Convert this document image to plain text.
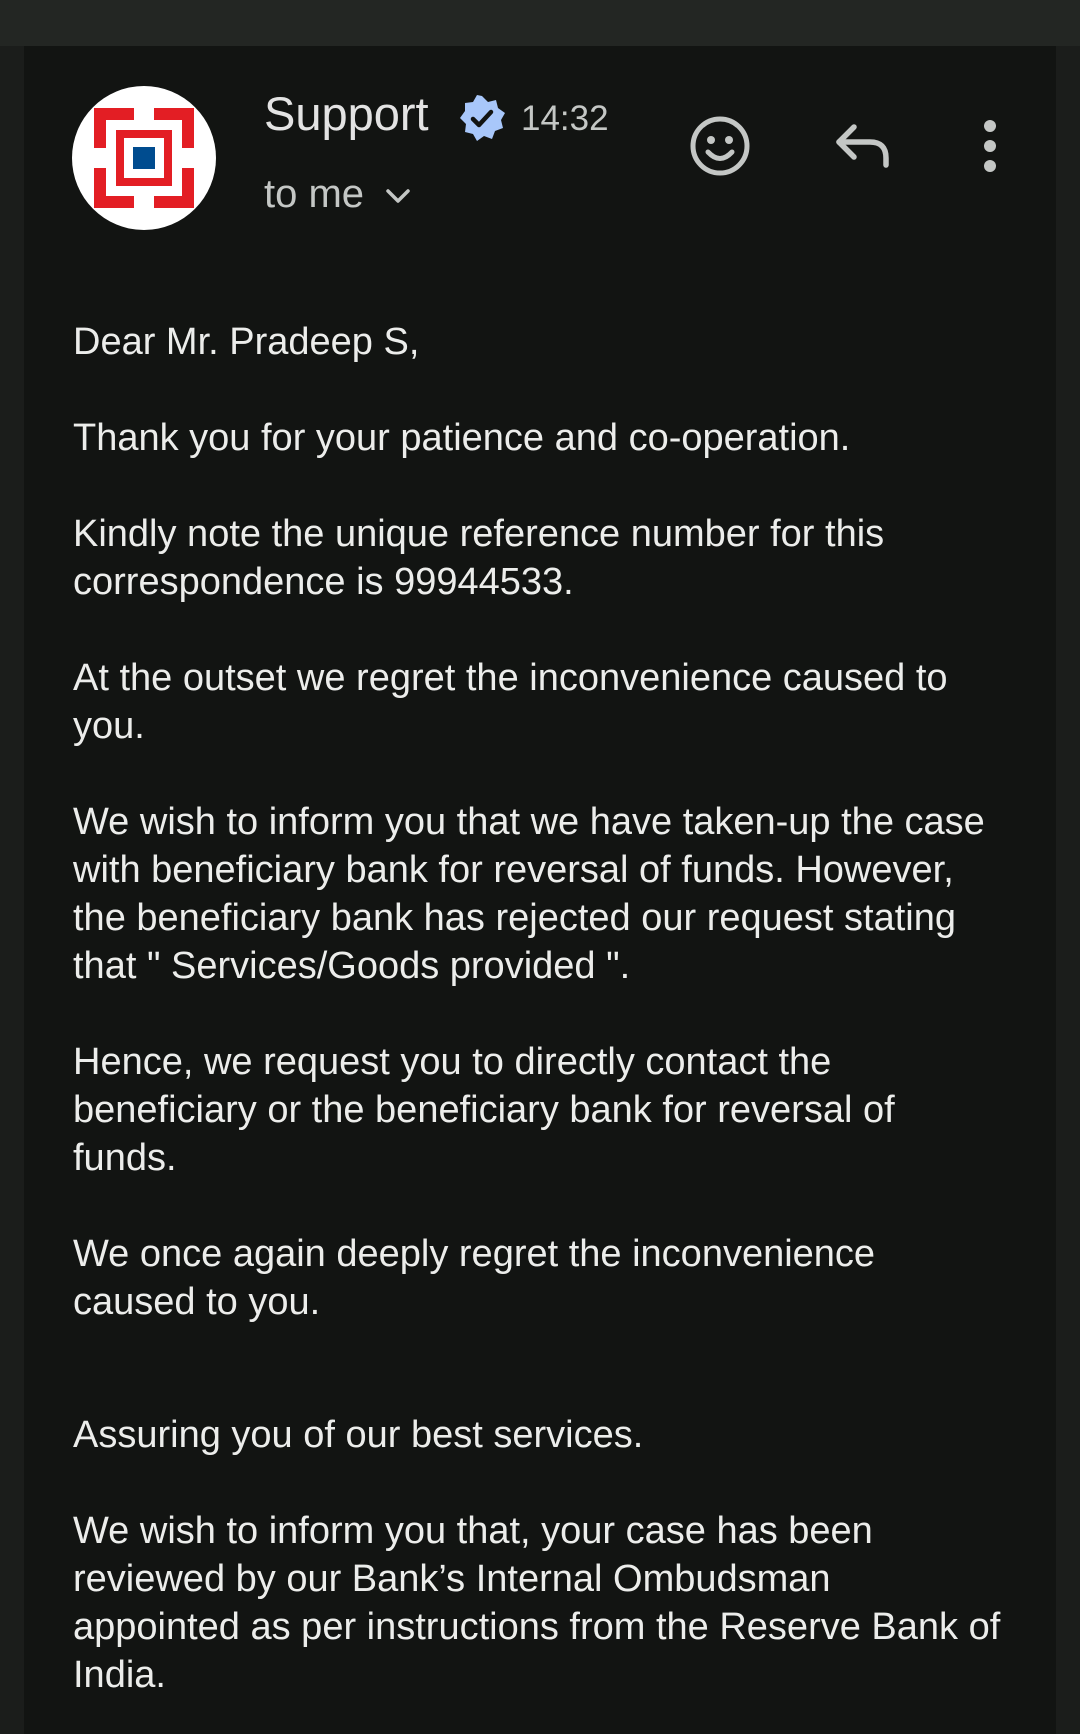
Support	14:32
to me

Dear Mr. Pradeep S,

Thank you for your patience and co-operation.

Kindly note the unique reference number for this correspondence is 99944533.

At the outset we regret the inconvenience caused to you.

We wish to inform you that we have taken-up the case with beneficiary bank for reversal of funds. However, the beneficiary bank has rejected our request stating that " Services/Goods provided ".

Hence, we request you to directly contact the beneficiary or the beneficiary bank for reversal of funds.

We once again deeply regret the inconvenience caused to you.

Assuring you of our best services.

We wish to inform you that, your case has been reviewed by our Bank’s Internal Ombudsman appointed as per instructions from the Reserve Bank of India.
